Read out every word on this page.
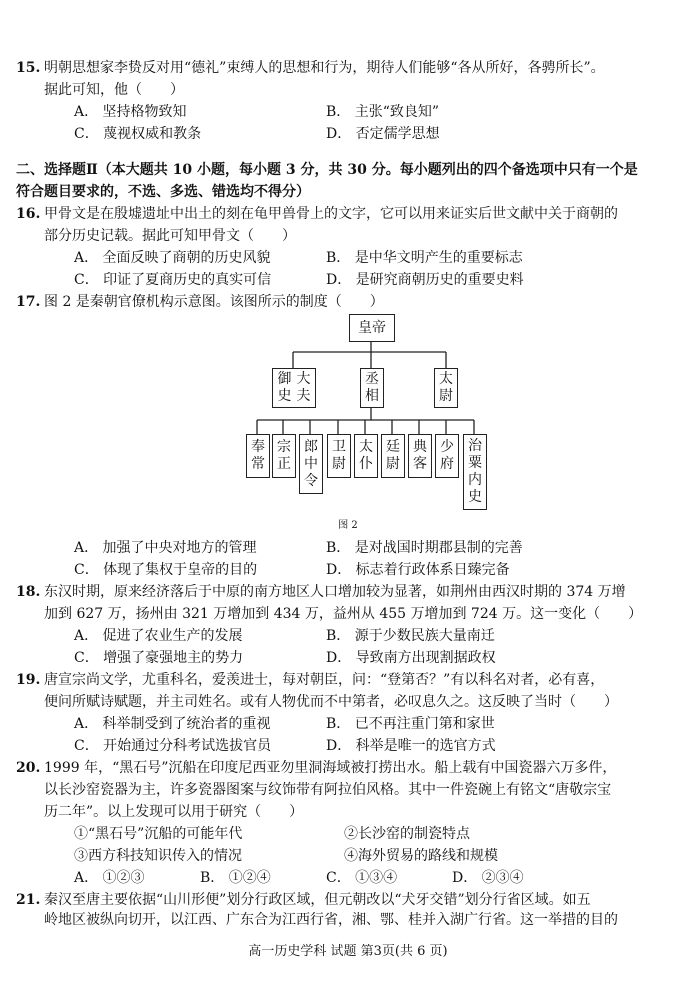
15. 明朝思想家李贽反对用“德礼”束缚人的思想和行为，期待人们能够“各从所好，各骋所长”。
据此可知，他（　　）
A． 坚持格物致知	B． 主张“致良知”
C． 蔑视权威和教条	D． 否定儒学思想
二、选择题Ⅱ（本大题共 10 小题，每小题 3 分，共 30 分。每小题列出的四个备选项中只有一个是
符合题目要求的，不选、多选、错选均不得分）
16. 甲骨文是在殷墟遗址中出土的刻在龟甲兽骨上的文字，它可以用来证实后世文献中关于商朝的
部分历史记载。据此可知甲骨文（　　）
A． 全面反映了商朝的历史风貌	B． 是中华文明产生的重要标志
C． 印证了夏商历史的真实可信	D． 是研究商朝历史的重要史料
17. 图 2 是秦朝官僚机构示意图。该图所示的制度（　　）
皇帝
御史
大夫
丞相
太尉
奉常
宗正
郎中令
卫尉
太仆
廷尉
典客
少府
治粟内史
图 2
A． 加强了中央对地方的管理	B． 是对战国时期郡县制的完善
C． 体现了集权于皇帝的目的	D． 标志着行政体系日臻完备
18. 东汉时期，原来经济落后于中原的南方地区人口增加较为显著，如荆州由西汉时期的 374 万增
加到 627 万，扬州由 321 万增加到 434 万，益州从 455 万增加到 724 万。这一变化（　　）
A． 促进了农业生产的发展	B． 源于少数民族大量南迁
C． 增强了豪强地主的势力	D． 导致南方出现割据政权
19. 唐宣宗尚文学，尤重科名，爱羡进士，每对朝臣，问：“登第否？”有以科名对者，必有喜，
便问所赋诗赋题，并主司姓名。或有人物优而不中第者，必叹息久之。这反映了当时（　　）
A． 科举制受到了统治者的重视	B． 已不再注重门第和家世
C． 开始通过分科考试选拔官员	D． 科举是唯一的选官方式
20. 1999 年，“黑石号”沉船在印度尼西亚勿里洞海域被打捞出水。船上载有中国瓷器六万多件，
以长沙窑瓷器为主，许多瓷器图案与纹饰带有阿拉伯风格。其中一件瓷碗上有铭文“唐敬宗宝
历二年”。以上发现可以用于研究（　　）
①“黑石号”沉船的可能年代	②长沙窑的制瓷特点
③西方科技知识传入的情况	④海外贸易的路线和规模
A． ①②③	B． ①②④	C． ①③④	D． ②③④
21. 秦汉至唐主要依据“山川形便”划分行政区域，但元朝改以“犬牙交错”划分行省区域。如五
岭地区被纵向切开，以江西、广东合为江西行省，湘、鄂、桂并入湖广行省。这一举措的目的
高一历史学科 试题 第3页(共 6 页)
